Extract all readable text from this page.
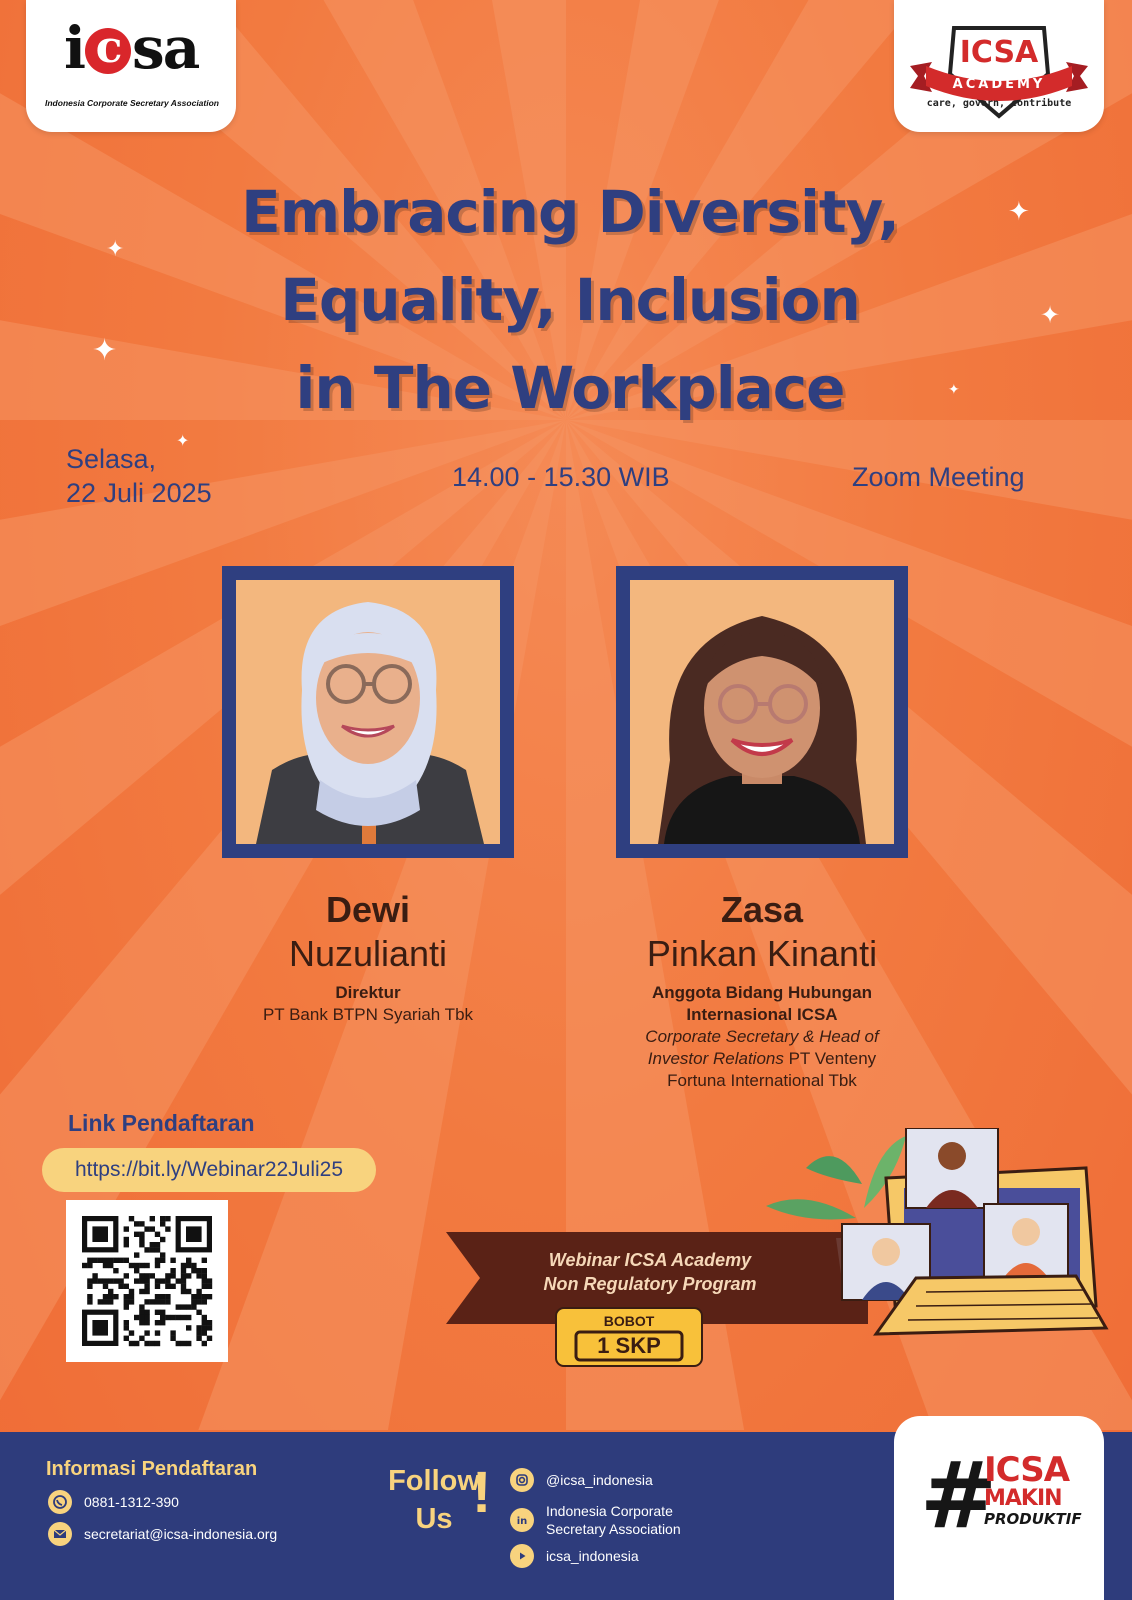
i c sa
Indonesia Corporate Secretary Association
ICSA
ACADEMY
care, govern, contribute
Embracing Diversity,
Equality, Inclusion
in The Workplace
✦
✦
✦
✦
✦
✦
Selasa,
22 Juli 2025
14.00 - 15.30 WIB	Zoom Meeting
Dewi
Nuzulianti
Direktur
PT Bank BTPN Syariah Tbk
Zasa
Pinkan Kinanti
Anggota Bidang Hubungan
Internasional ICSA
Corporate Secretary & Head of
Investor Relations PT Venteny
Fortuna International Tbk
Link Pendaftaran
https://bit.ly/Webinar22Juli25
Webinar ICSA Academy
Non Regulatory Program
BOBOT
1 SKP
Informasi Pendaftaran
0881-1312-390
secretariat@icsa-indonesia.org
Follow
Us !	@icsa_indonesia
in
Indonesia Corporate
Secretary Association
icsa_indonesia
#
ICSA
MAKIN
PRODUKTIF
